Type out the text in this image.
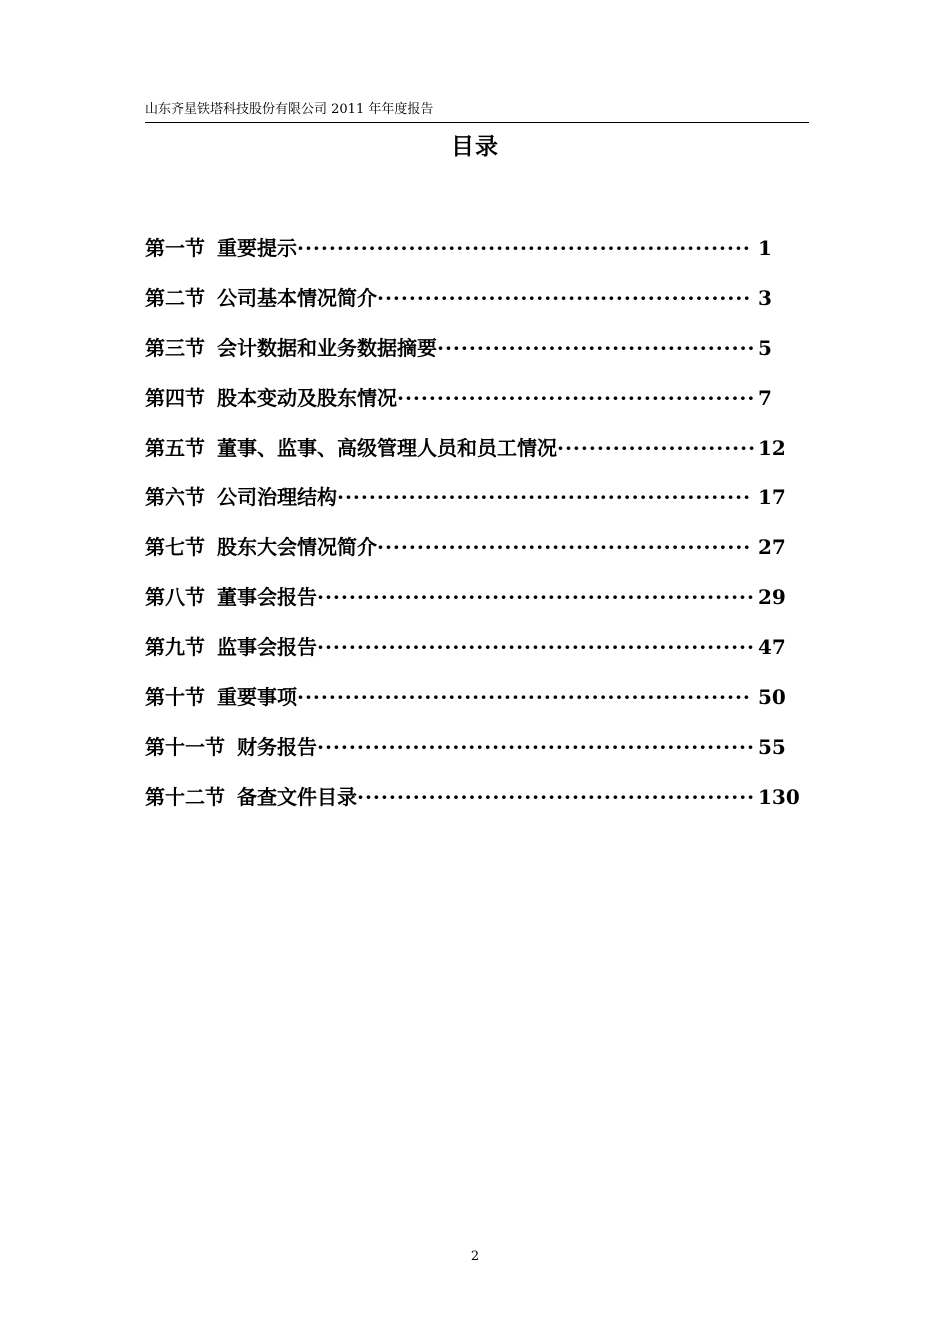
山东齐星铁塔科技股份有限公司 2011 年年度报告
目录
第一节 重要提示 ························································· 1
第二节 公司基本情况简介 ··············································· 3
第三节 会计数据和业务数据摘要 ········································ 5
第四节 股本变动及股东情况 ············································· 7
第五节 董事、监事、高级管理人员和员工情况 ························· 12
第六节 公司治理结构 ···················································· 17
第七节 股东大会情况简介 ··············································· 27
第八节 董事会报告 ······················································· 29
第九节 监事会报告 ······················································· 47
第十节 重要事项 ························································· 50
第十一节 财务报告 ······················································· 55
第十二节 备查文件目录 ·················································· 130
2
